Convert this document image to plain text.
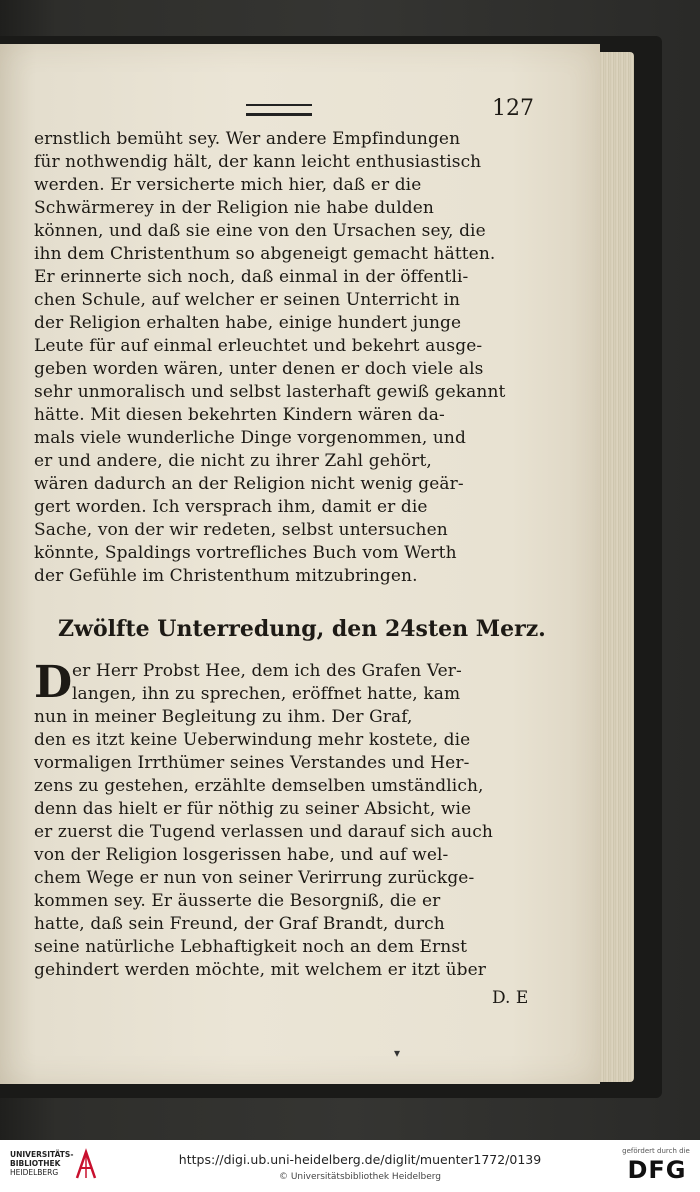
127
ernstlich bemüht sey. Wer andere Empfindungen
für nothwendig hält, der kann leicht enthusiastisch
werden. Er versicherte mich hier, daß er die
Schwärmerey in der Religion nie habe dulden
können, und daß sie eine von den Ursachen sey, die
ihn dem Christenthum so abgeneigt gemacht hätten.
Er erinnerte sich noch, daß einmal in der öffentli-
chen Schule, auf welcher er seinen Unterricht in
der Religion erhalten habe, einige hundert junge
Leute für auf einmal erleuchtet und bekehrt ausge-
geben worden wären, unter denen er doch viele als
sehr unmoralisch und selbst lasterhaft gewiß gekannt
hätte. Mit diesen bekehrten Kindern wären da-
mals viele wunderliche Dinge vorgenommen, und
er und andere, die nicht zu ihrer Zahl gehört,
wären dadurch an der Religion nicht wenig geär-
gert worden. Ich versprach ihm, damit er die
Sache, von der wir redeten, selbst untersuchen
könnte, Spaldings vortrefliches Buch vom Werth
der Gefühle im Christenthum mitzubringen.
Zwölfte Unterredung, den 24sten Merz.
D er Herr Probst Hee, dem ich des Grafen Ver-
langen, ihn zu sprechen, eröffnet hatte, kam
nun in meiner Begleitung zu ihm. Der Graf,
den es itzt keine Ueberwindung mehr kostete, die
vormaligen Irrthümer seines Verstandes und Her-
zens zu gestehen, erzählte demselben umständlich,
denn das hielt er für nöthig zu seiner Absicht, wie
er zuerst die Tugend verlassen und darauf sich auch
von der Religion losgerissen habe, und auf wel-
chem Wege er nun von seiner Verirrung zurückge-
kommen sey. Er äusserte die Besorgniß, die er
hatte, daß sein Freund, der Graf Brandt, durch
seine natürliche Lebhaftigkeit noch an dem Ernst
gehindert werden möchte, mit welchem er itzt über
D. E
▾
UNIVERSITÄTS-
BIBLIOTHEK
HEIDELBERG
https://digi.ub.uni-heidelberg.de/diglit/muenter1772/0139
© Universitätsbibliothek Heidelberg
gefördert durch die
DFG
